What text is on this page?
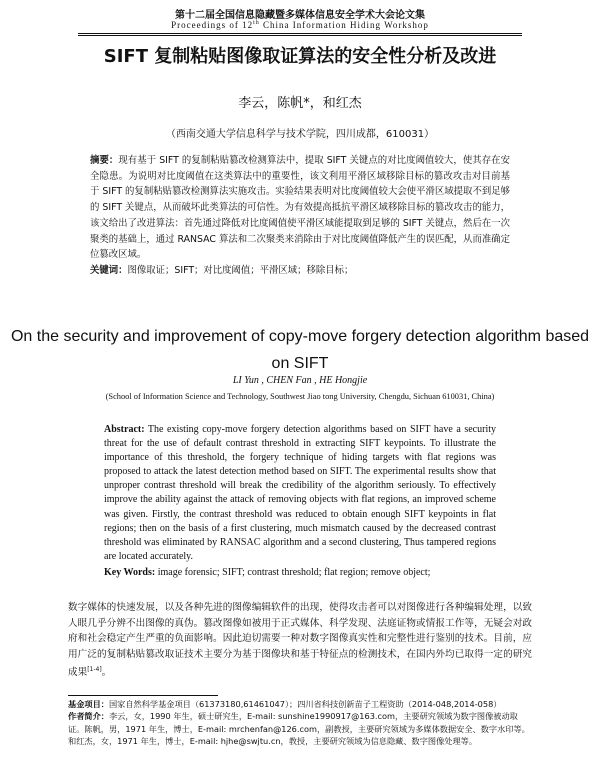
第十二届全国信息隐藏暨多媒体信息安全学术大会论文集
Proceedings of 12th China Information Hiding Workshop
SIFT 复制粘贴图像取证算法的安全性分析及改进
李云，陈帆*，和红杰
（西南交通大学信息科学与技术学院，四川成都，610031）
摘要：现有基于 SIFT 的复制粘贴篡改检测算法中，提取 SIFT 关键点的对比度阈值较大，使其存在安全隐患。为说明对比度阈值在这类算法中的重要性，该文利用平滑区域移除目标的篡改攻击对目前基于 SIFT 的复制粘贴篡改检测算法实施攻击。实验结果表明对比度阈值较大会使平滑区域提取不到足够的 SIFT 关键点，从而破坏此类算法的可信性。为有效提高抵抗平滑区域移除目标的篡改攻击的能力，该文给出了改进算法：首先通过降低对比度阈值使平滑区域能提取到足够的 SIFT 关键点，然后在一次聚类的基础上，通过 RANSAC 算法和二次聚类来消除由于对比度阈值降低产生的误匹配，从而准确定位篡改区域。
关键词：图像取证；SIFT；对比度阈值；平滑区域；移除目标；
On the security and improvement of copy-move forgery detection algorithm based on SIFT
LI Yun , CHEN Fan , HE Hongjie
(School of Information Science and Technology, Southwest Jiao tong University, Chengdu, Sichuan 610031, China)
Abstract: The existing copy-move forgery detection algorithms based on SIFT have a security threat for the use of default contrast threshold in extracting SIFT keypoints. To illustrate the importance of this threshold, the forgery technique of hiding targets with flat regions was proposed to attack the latest detection method based on SIFT. The experimental results show that unproper contrast threshold will break the credibility of the algorithm seriously. To effectively improve the ability against the attack of removing objects with flat regions, an improved scheme was given. Firstly, the contrast threshold was reduced to obtain enough SIFT keypoints in flat regions; then on the basis of a first clustering, much mismatch caused by the decreased contrast threshold was eliminated by RANSAC algorithm and a second clustering, Thus tampered regions are located accurately.
Key Words: image forensic; SIFT; contrast threshold; flat region; remove object;
数字媒体的快速发展，以及各种先进的图像编辑软件的出现，使得攻击者可以对图像进行各种编辑处理，以致人眼几乎分辨不出图像的真伪。篡改图像如被用于正式媒体、科学发现、法庭证物或情报工作等，无疑会对政府和社会稳定产生严重的负面影响。因此迫切需要一种对数字图像真实性和完整性进行鉴别的技术。目前，应用广泛的复制粘贴篡改取证技术主要分为基于图像块和基于特征点的检测技术，在国内外均已取得一定的研究成果[1-4]。
基金项目：国家自然科学基金项目（61373180,61461047）；四川省科技创新苗子工程资助（2014-048,2014-058）
作者简介：李云，女，1990 年生，硕士研究生，E-mail: sunshine1990917@163.com，主要研究领域为数字图像被动取证。陈帆，男，1971 年生，博士，E-mail: mrchenfan@126.com，副教授，主要研究领域为多媒体数据安全、数字水印等。和红杰，女，1971 年生，博士，E-mail: hjhe@swjtu.cn，教授，主要研究领域为信息隐藏、数字图像处理等。
